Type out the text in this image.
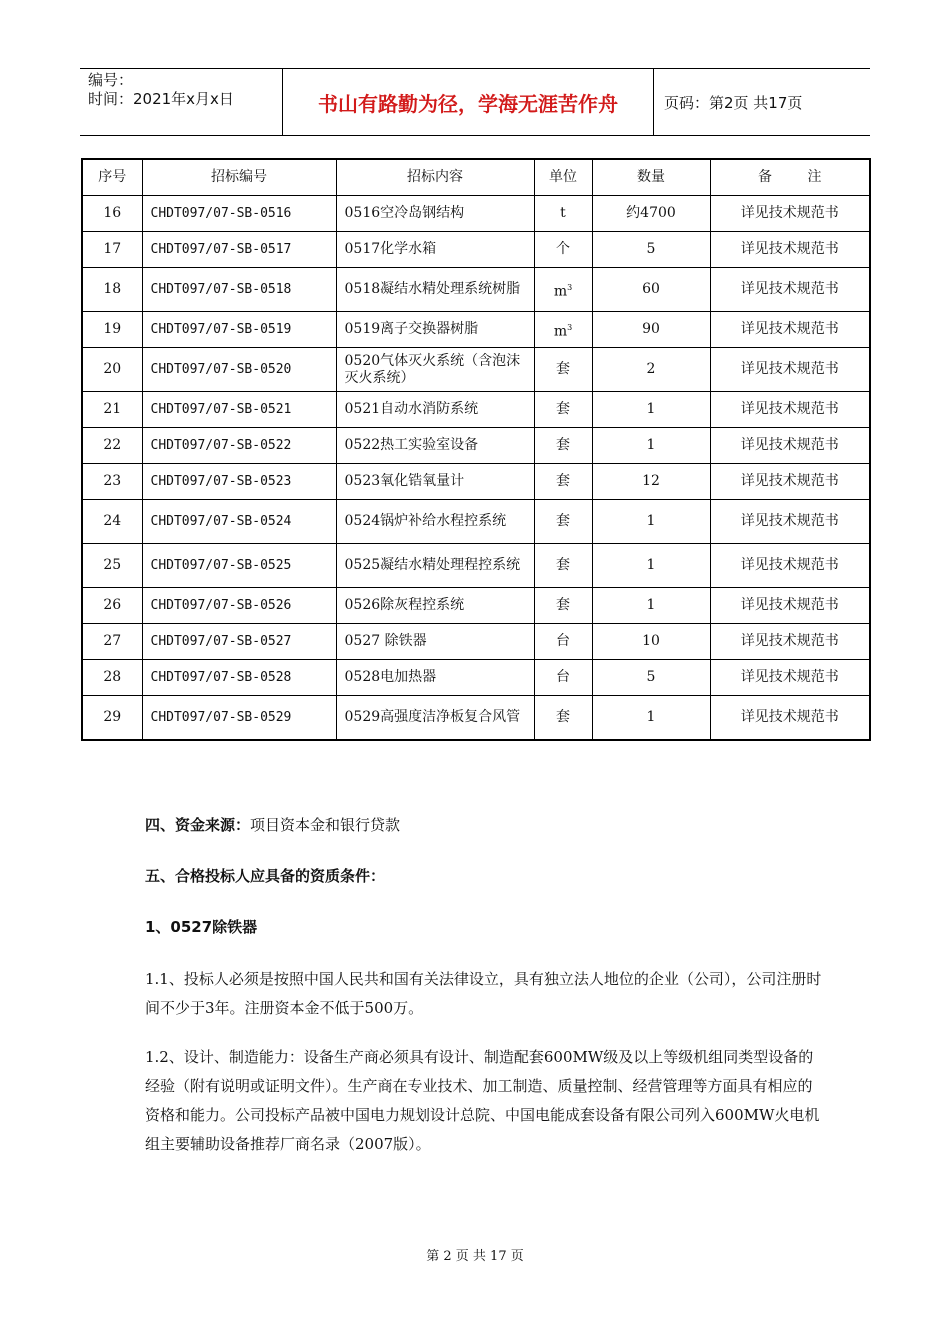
编号：
时间：2021年x月x日	书山有路勤为径，学海无涯苦作舟	页码：第2页 共17页
序号	招标编号	招标内容	单位	数量	备        注
16	CHDT097/07-SB-0516	0516空冷岛钢结构	t	约4700	详见技术规范书
17	CHDT097/07-SB-0517	0517化学水箱	个	5	详见技术规范书
18	CHDT097/07-SB-0518	0518凝结水精处理系统树脂	$m^3$	60	详见技术规范书
19	CHDT097/07-SB-0519	0519离子交换器树脂	$m^3$	90	详见技术规范书
20	CHDT097/07-SB-0520	0520气体灭火系统（含泡沫灭火系统）	套	2	详见技术规范书
21	CHDT097/07-SB-0521	0521自动水消防系统	套	1	详见技术规范书
22	CHDT097/07-SB-0522	0522热工实验室设备	套	1	详见技术规范书
23	CHDT097/07-SB-0523	0523氧化锆氧量计	套	12	详见技术规范书
24	CHDT097/07-SB-0524	0524锅炉补给水程控系统	套	1	详见技术规范书
25	CHDT097/07-SB-0525	0525凝结水精处理程控系统	套	1	详见技术规范书
26	CHDT097/07-SB-0526	0526除灰程控系统	套	1	详见技术规范书
27	CHDT097/07-SB-0527	0527 除铁器	台	10	详见技术规范书
28	CHDT097/07-SB-0528	0528电加热器	台	5	详见技术规范书
29	CHDT097/07-SB-0529	0529高强度洁净板复合风管	套	1	详见技术规范书
四、资金来源：项目资本金和银行贷款
五、合格投标人应具备的资质条件：
1、0527除铁器
1.1、投标人必须是按照中国人民共和国有关法律设立，具有独立法人地位的企业（公司），公司注册时间不少于3年。注册资本金不低于500万。
1.2、设计、制造能力：设备生产商必须具有设计、制造配套600MW级及以上等级机组同类型设备的经验（附有说明或证明文件）。生产商在专业技术、加工制造、质量控制、经营管理等方面具有相应的资格和能力。公司投标产品被中国电力规划设计总院、中国电能成套设备有限公司列入600MW火电机组主要辅助设备推荐厂商名录（2007版）。
第 2 页 共 17 页
